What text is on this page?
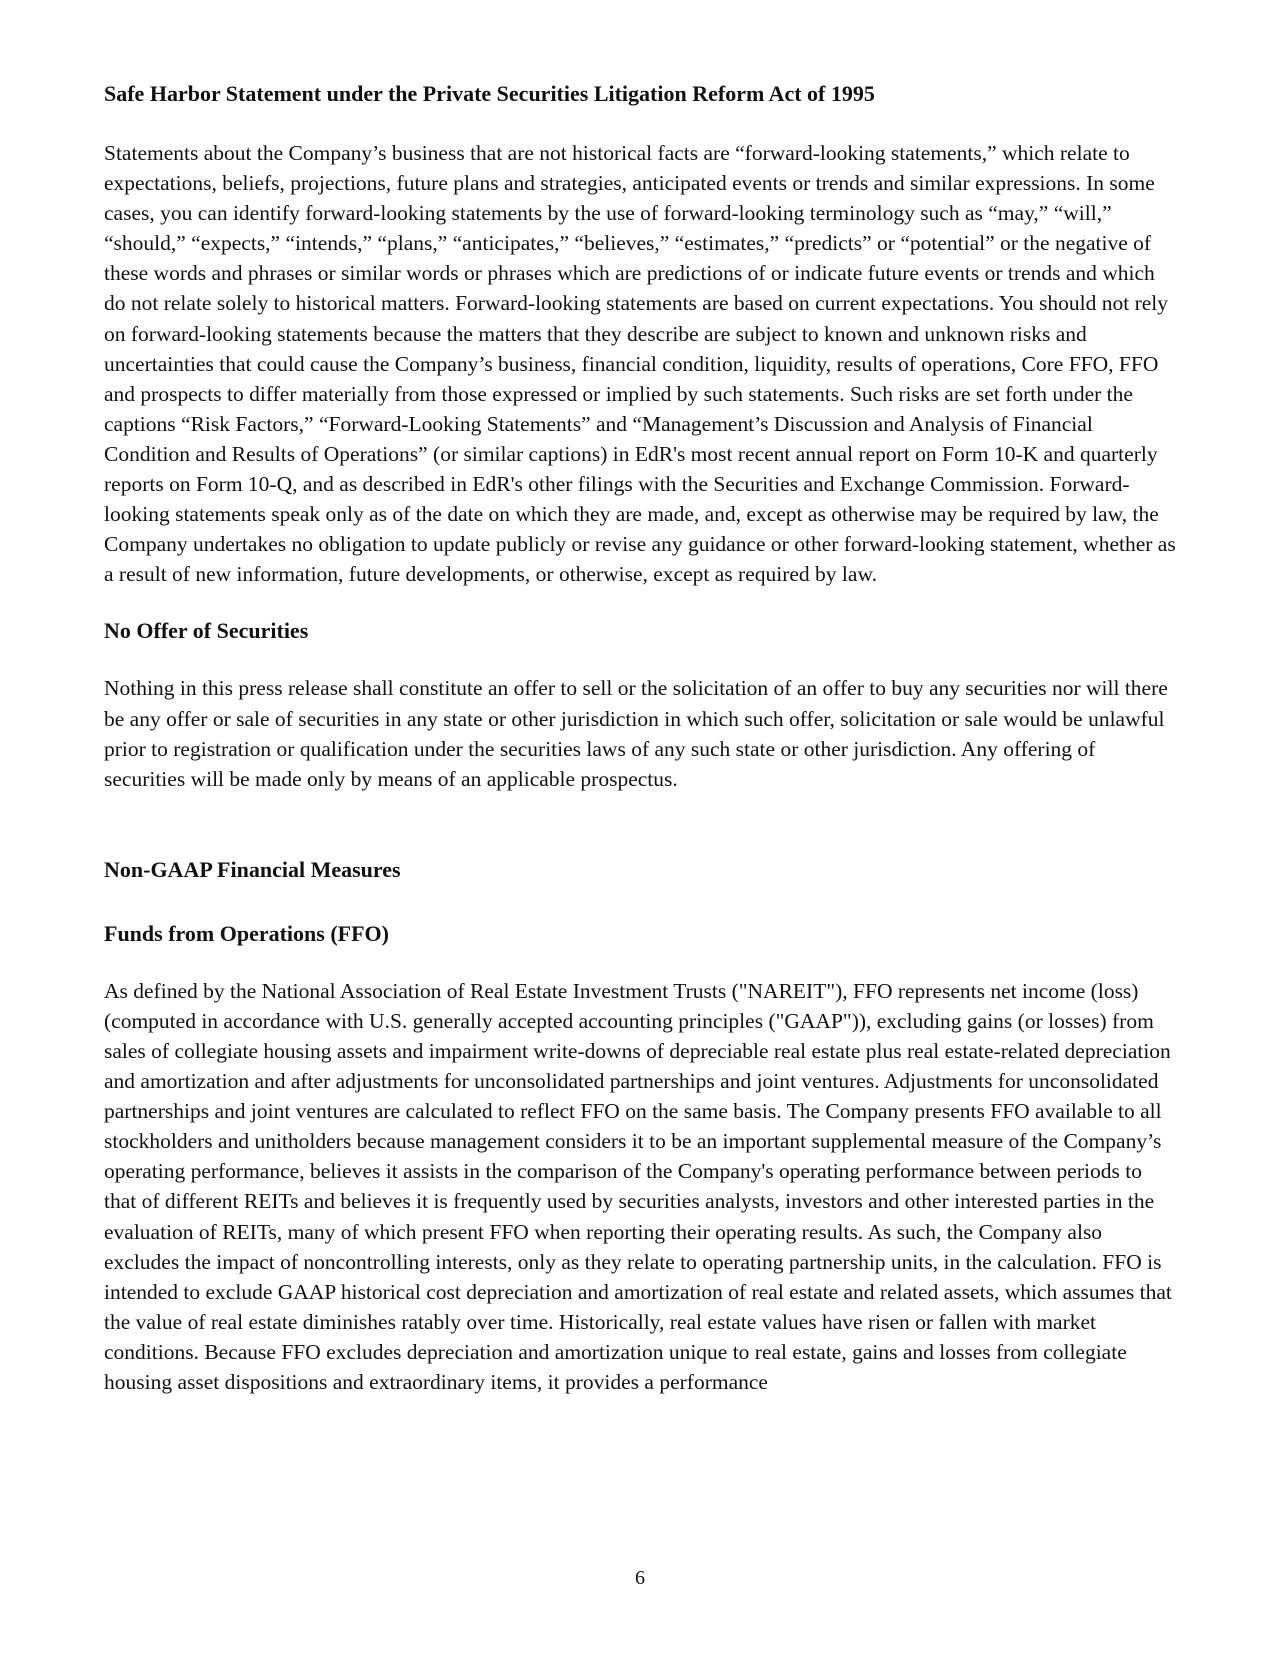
Safe Harbor Statement under the Private Securities Litigation Reform Act of 1995

Statements about the Company’s business that are not historical facts are “forward-looking statements,” which relate to expectations, beliefs, projections, future plans and strategies, anticipated events or trends and similar expressions. In some cases, you can identify forward-looking statements by the use of forward-looking terminology such as “may,” “will,” “should,” “expects,” “intends,” “plans,” “anticipates,” “believes,” “estimates,” “predicts” or “potential” or the negative of these words and phrases or similar words or phrases which are predictions of or indicate future events or trends and which do not relate solely to historical matters. Forward-looking statements are based on current expectations. You should not rely on forward-looking statements because the matters that they describe are subject to known and unknown risks and uncertainties that could cause the Company’s business, financial condition, liquidity, results of operations, Core FFO, FFO and prospects to differ materially from those expressed or implied by such statements. Such risks are set forth under the captions “Risk Factors,” “Forward-Looking Statements” and “Management’s Discussion and Analysis of Financial Condition and Results of Operations” (or similar captions) in EdR's most recent annual report on Form 10-K and quarterly reports on Form 10-Q, and as described in EdR's other filings with the Securities and Exchange Commission. Forward-looking statements speak only as of the date on which they are made, and, except as otherwise may be required by law, the Company undertakes no obligation to update publicly or revise any guidance or other forward-looking statement, whether as a result of new information, future developments, or otherwise, except as required by law.

No Offer of Securities

Nothing in this press release shall constitute an offer to sell or the solicitation of an offer to buy any securities nor will there be any offer or sale of securities in any state or other jurisdiction in which such offer, solicitation or sale would be unlawful prior to registration or qualification under the securities laws of any such state or other jurisdiction. Any offering of securities will be made only by means of an applicable prospectus.

Non-GAAP Financial Measures
Funds from Operations (FFO)

As defined by the National Association of Real Estate Investment Trusts ("NAREIT"), FFO represents net income (loss) (computed in accordance with U.S. generally accepted accounting principles ("GAAP")), excluding gains (or losses) from sales of collegiate housing assets and impairment write-downs of depreciable real estate plus real estate-related depreciation and amortization and after adjustments for unconsolidated partnerships and joint ventures. Adjustments for unconsolidated partnerships and joint ventures are calculated to reflect FFO on the same basis. The Company presents FFO available to all stockholders and unitholders because management considers it to be an important supplemental measure of the Company’s operating performance, believes it assists in the comparison of the Company's operating performance between periods to that of different REITs and believes it is frequently used by securities analysts, investors and other interested parties in the evaluation of REITs, many of which present FFO when reporting their operating results. As such, the Company also excludes the impact of noncontrolling interests, only as they relate to operating partnership units, in the calculation. FFO is intended to exclude GAAP historical cost depreciation and amortization of real estate and related assets, which assumes that the value of real estate diminishes ratably over time. Historically, real estate values have risen or fallen with market conditions. Because FFO excludes depreciation and amortization unique to real estate, gains and losses from collegiate housing asset dispositions and extraordinary items, it provides a performance

6
